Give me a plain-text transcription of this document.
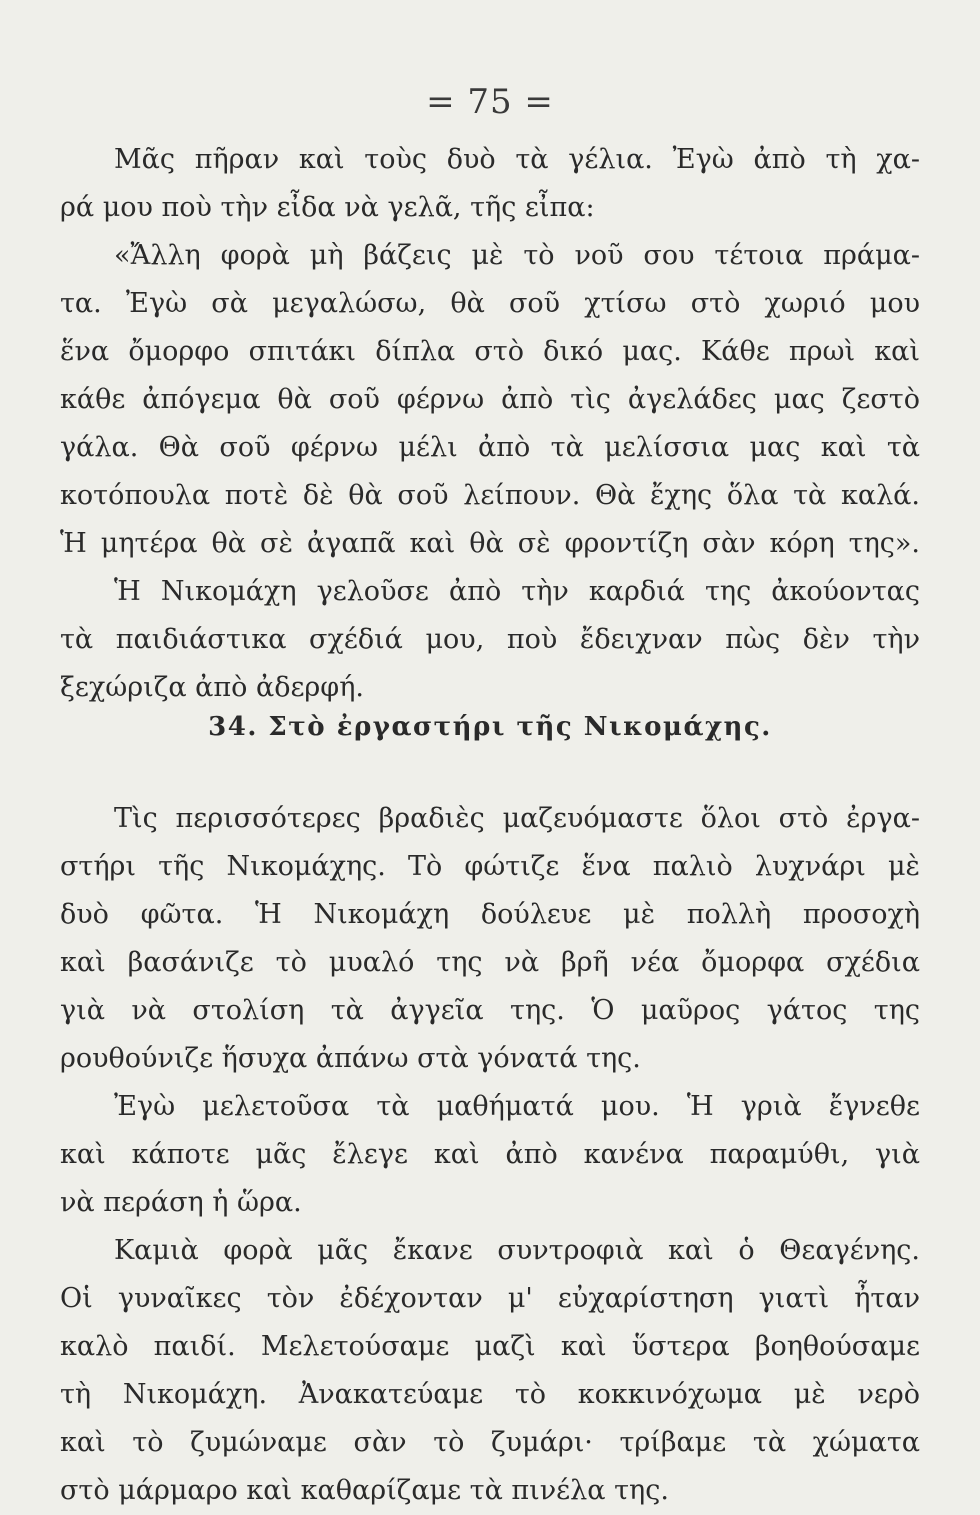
= 75 =
Μᾶς πῆραν καὶ τοὺς δυὸ τὰ γέλια. Ἐγὼ ἀπὸ τὴ χα-
ρά μου ποὺ τὴν εἶδα νὰ γελᾶ, τῆς εἶπα:
«Ἄλλη φορὰ μὴ βάζεις μὲ τὸ νοῦ σου τέτοια πράμα-
τα. Ἐγὼ σὰ μεγαλώσω, θὰ σοῦ χτίσω στὸ χωριό μου
ἕνα ὄμορφο σπιτάκι δίπλα στὸ δικό μας. Κάθε πρωὶ καὶ
κάθε ἀπόγεμα θὰ σοῦ φέρνω ἀπὸ τὶς ἀγελάδες μας ζεστὸ
γάλα. Θὰ σοῦ φέρνω μέλι ἀπὸ τὰ μελίσσια μας καὶ τὰ
κοτόπουλα ποτὲ δὲ θὰ σοῦ λείπουν. Θὰ ἔχης ὅλα τὰ καλά.
Ἡ μητέρα θὰ σὲ ἀγαπᾶ καὶ θὰ σὲ φροντίζη σὰν κόρη της».
Ἡ Νικομάχη γελοῦσε ἀπὸ τὴν καρδιά της ἀκούοντας
τὰ παιδιάστικα σχέδιά μου, ποὺ ἔδειχναν πὼς δὲν τὴν
ξεχώριζα ἀπὸ ἀδερφή.
34. Στὸ ἐργαστήρι τῆς Νικομάχης.
Τὶς περισσότερες βραδιὲς μαζευόμαστε ὅλοι στὸ ἐργα-
στήρι τῆς Νικομάχης. Τὸ φώτιζε ἕνα παλιὸ λυχνάρι μὲ
δυὸ φῶτα. Ἡ Νικομάχη δούλευε μὲ πολλὴ προσοχὴ
καὶ βασάνιζε τὸ μυαλό της νὰ βρῆ νέα ὄμορφα σχέδια
γιὰ νὰ στολίση τὰ ἀγγεῖα της. Ὁ μαῦρος γάτος της
ρουθούνιζε ἥσυχα ἀπάνω στὰ γόνατά της.
Ἐγὼ μελετοῦσα τὰ μαθήματά μου. Ἡ γριὰ ἔγνεθε
καὶ κάποτε μᾶς ἔλεγε καὶ ἀπὸ κανένα παραμύθι, γιὰ
νὰ περάση ἡ ὥρα.
Καμιὰ φορὰ μᾶς ἔκανε συντροφιὰ καὶ ὁ Θεαγένης.
Οἱ γυναῖκες τὸν ἐδέχονταν μ' εὐχαρίστηση γιατὶ ἦταν
καλὸ παιδί. Μελετούσαμε μαζὶ καὶ ὕστερα βοηθούσαμε
τὴ Νικομάχη. Ἀνακατεύαμε τὸ κοκκινόχωμα μὲ νερὸ
καὶ τὸ ζυμώναμε σὰν τὸ ζυμάρι· τρίβαμε τὰ χώματα
στὸ μάρμαρο καὶ καθαρίζαμε τὰ πινέλα της.
